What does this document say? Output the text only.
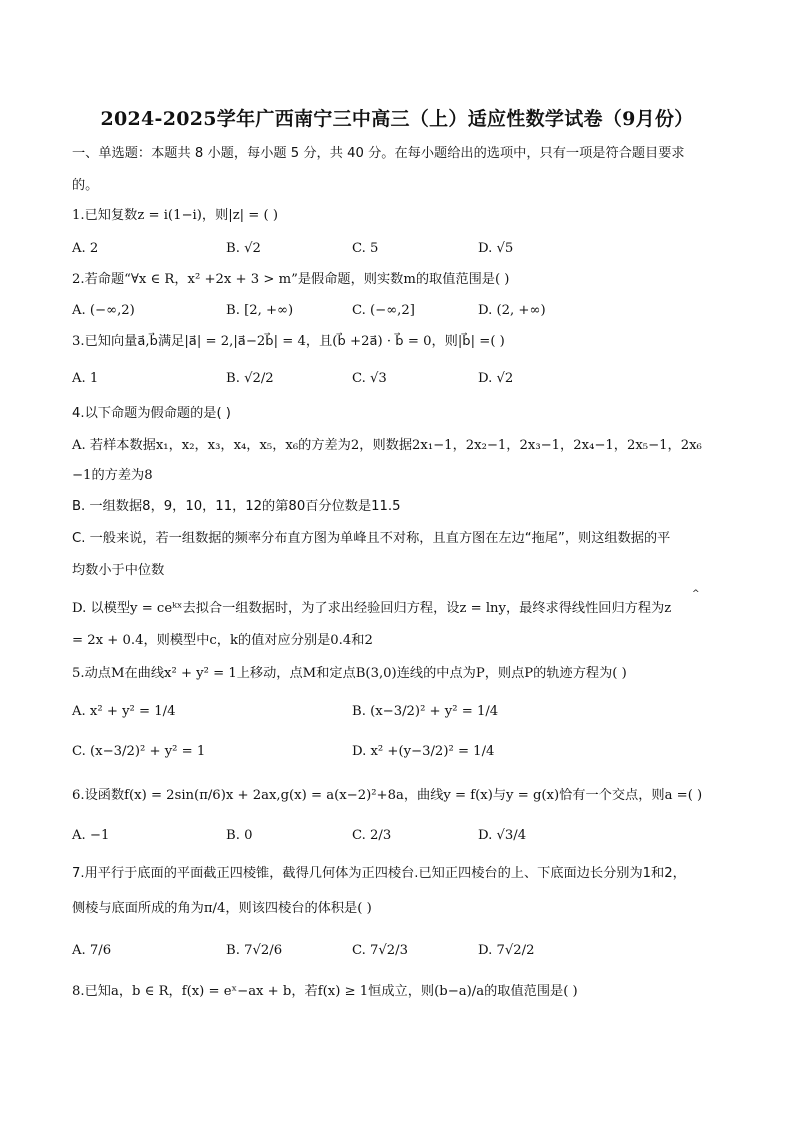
2024-2025学年广西南宁三中高三（上）适应性数学试卷（9月份）
一、单选题：本题共 8 小题，每小题 5 分，共 40 分。在每小题给出的选项中，只有一项是符合题目要求
的。
1.已知复数z = i(1−i)，则|z| = ( )
A. 2	B. √2	C. 5	D. √5
2.若命题“∀x ∈ R，x² +2x + 3 > m”是假命题，则实数m的取值范围是( )
A. (−∞,2)	B. [2, +∞)	C. (−∞,2]	D. (2, +∞)
3.已知向量a⃗,b⃗满足|a⃗| = 2,|a⃗−2b⃗| = 4，且(b⃗ +2a⃗) · b⃗ = 0，则|b⃗| =( )
A. 1	B. √2/2	C. √3	D. √2
4.以下命题为假命题的是( )
A. 若样本数据x₁，x₂，x₃，x₄，x₅，x₆的方差为2，则数据2x₁−1，2x₂−1，2x₃−1，2x₄−1，2x₅−1，2x₆
−1的方差为8
B. 一组数据8，9，10，11，12的第80百分位数是11.5
C. 一般来说，若一组数据的频率分布直方图为单峰且不对称，且直方图在左边“拖尾”，则这组数据的平
均数小于中位数
^
D. 以模型y = ceᵏˣ去拟合一组数据时，为了求出经验回归方程，设z = lny，最终求得线性回归方程为z
= 2x + 0.4，则模型中c，k的值对应分别是0.4和2
5.动点M在曲线x² + y² = 1上移动，点M和定点B(3,0)连线的中点为P，则点P的轨迹方程为( )
A. x² + y² = 1/4	B. (x−3/2)² + y² = 1/4
C. (x−3/2)² + y² = 1	D. x² +(y−3/2)² = 1/4
6.设函数f(x) = 2sin(π/6)x + 2ax,g(x) = a(x−2)²+8a，曲线y = f(x)与y = g(x)恰有一个交点，则a =( )
A. −1	B. 0	C. 2/3	D. √3/4
7.用平行于底面的平面截正四棱锥，截得几何体为正四棱台.已知正四棱台的上、下底面边长分别为1和2，
侧棱与底面所成的角为π/4，则该四棱台的体积是( )
A. 7/6	B. 7√2/6	C. 7√2/3	D. 7√2/2
8.已知a，b ∈ R，f(x) = eˣ−ax + b，若f(x) ≥ 1恒成立，则(b−a)/a的取值范围是( )
